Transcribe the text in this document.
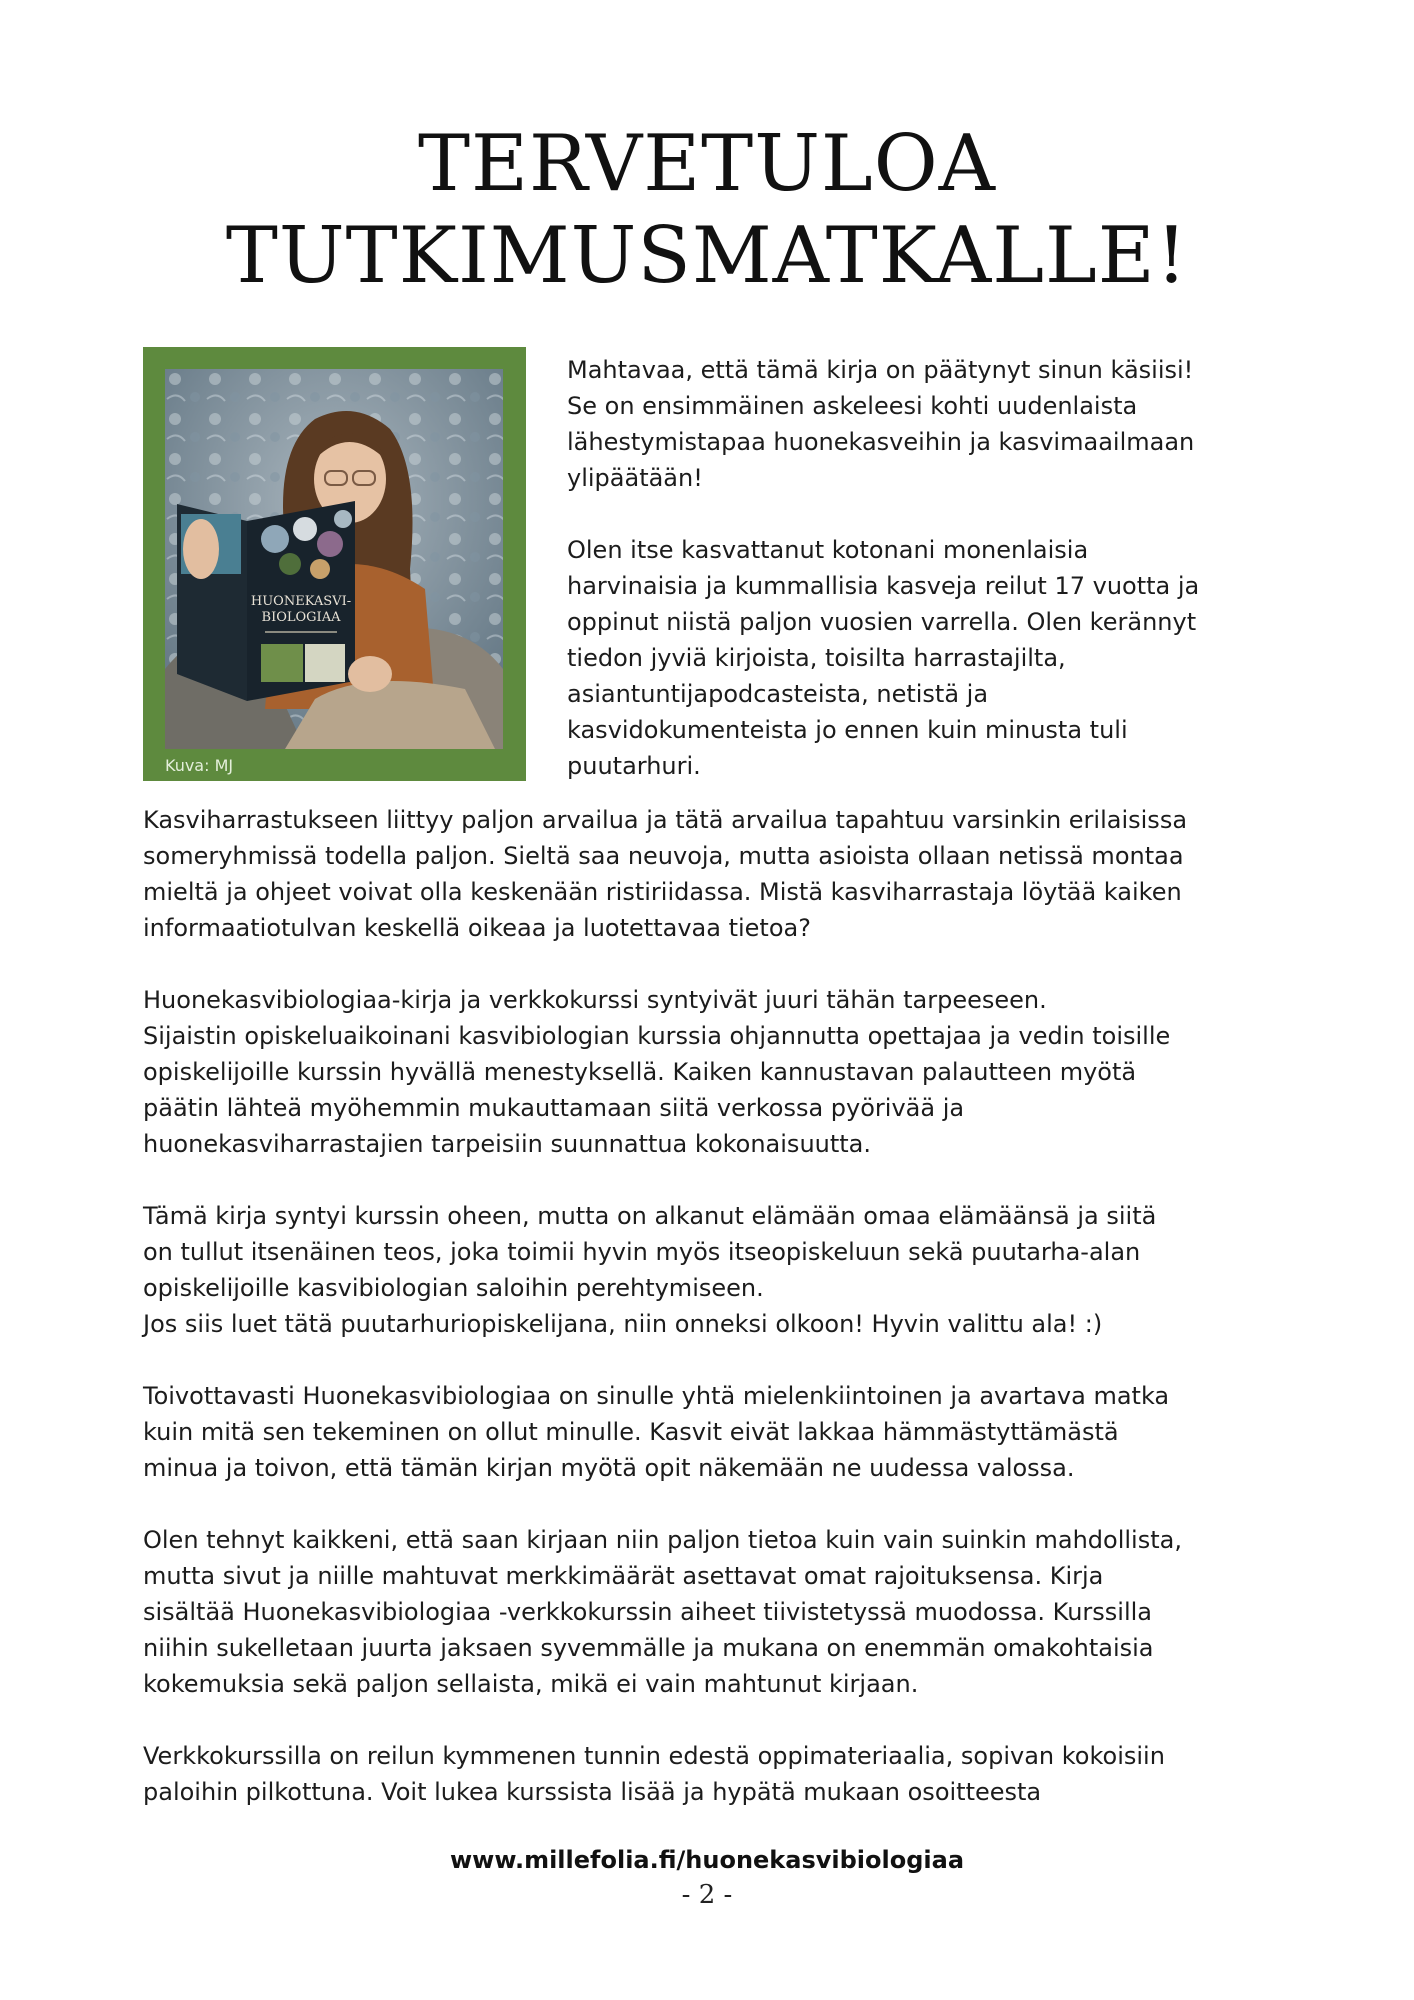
TERVETULOA
TUTKIMUSMATKALLE!
HUONEKASVI-
BIOLOGIAA
Kuva: MJ

Mahtavaa, että tämä kirja on päätynyt sinun käsiisi!
Se on ensimmäinen askeleesi kohti uudenlaista
lähestymistapaa huonekasveihin ja kasvimaailmaan
ylipäätään!

Olen itse kasvattanut kotonani monenlaisia
harvinaisia ja kummallisia kasveja reilut 17 vuotta ja
oppinut niistä paljon vuosien varrella. Olen kerännyt
tiedon jyviä kirjoista, toisilta harrastajilta,
asiantuntijapodcasteista, netistä ja
kasvidokumenteista jo ennen kuin minusta tuli
puutarhuri.

Kasviharrastukseen liittyy paljon arvailua ja tätä arvailua tapahtuu varsinkin erilaisissa
someryhmissä todella paljon. Sieltä saa neuvoja, mutta asioista ollaan netissä montaa
mieltä ja ohjeet voivat olla keskenään ristiriidassa. Mistä kasviharrastaja löytää kaiken
informaatiotulvan keskellä oikeaa ja luotettavaa tietoa?

Huonekasvibiologiaa-kirja ja verkkokurssi syntyivät juuri tähän tarpeeseen.
Sijaistin opiskeluaikoinani kasvibiologian kurssia ohjannutta opettajaa ja vedin toisille
opiskelijoille kurssin hyvällä menestyksellä. Kaiken kannustavan palautteen myötä
päätin lähteä myöhemmin mukauttamaan siitä verkossa pyörivää ja
huonekasviharrastajien tarpeisiin suunnattua kokonaisuutta.

Tämä kirja syntyi kurssin oheen, mutta on alkanut elämään omaa elämäänsä ja siitä
on tullut itsenäinen teos, joka toimii hyvin myös itseopiskeluun sekä puutarha-alan
opiskelijoille kasvibiologian saloihin perehtymiseen.
Jos siis luet tätä puutarhuriopiskelijana, niin onneksi olkoon! Hyvin valittu ala! :)

Toivottavasti Huonekasvibiologiaa on sinulle yhtä mielenkiintoinen ja avartava matka
kuin mitä sen tekeminen on ollut minulle. Kasvit eivät lakkaa hämmästyttämästä
minua ja toivon, että tämän kirjan myötä opit näkemään ne uudessa valossa.

Olen tehnyt kaikkeni, että saan kirjaan niin paljon tietoa kuin vain suinkin mahdollista,
mutta sivut ja niille mahtuvat merkkimäärät asettavat omat rajoituksensa. Kirja
sisältää Huonekasvibiologiaa -verkkokurssin aiheet tiivistetyssä muodossa. Kurssilla
niihin sukelletaan juurta jaksaen syvemmälle ja mukana on enemmän omakohtaisia
kokemuksia sekä paljon sellaista, mikä ei vain mahtunut kirjaan.

Verkkokurssilla on reilun kymmenen tunnin edestä oppimateriaalia, sopivan kokoisiin
paloihin pilkottuna. Voit lukea kurssista lisää ja hypätä mukaan osoitteesta

www.millefolia.fi/huonekasvibiologiaa
- 2 -
